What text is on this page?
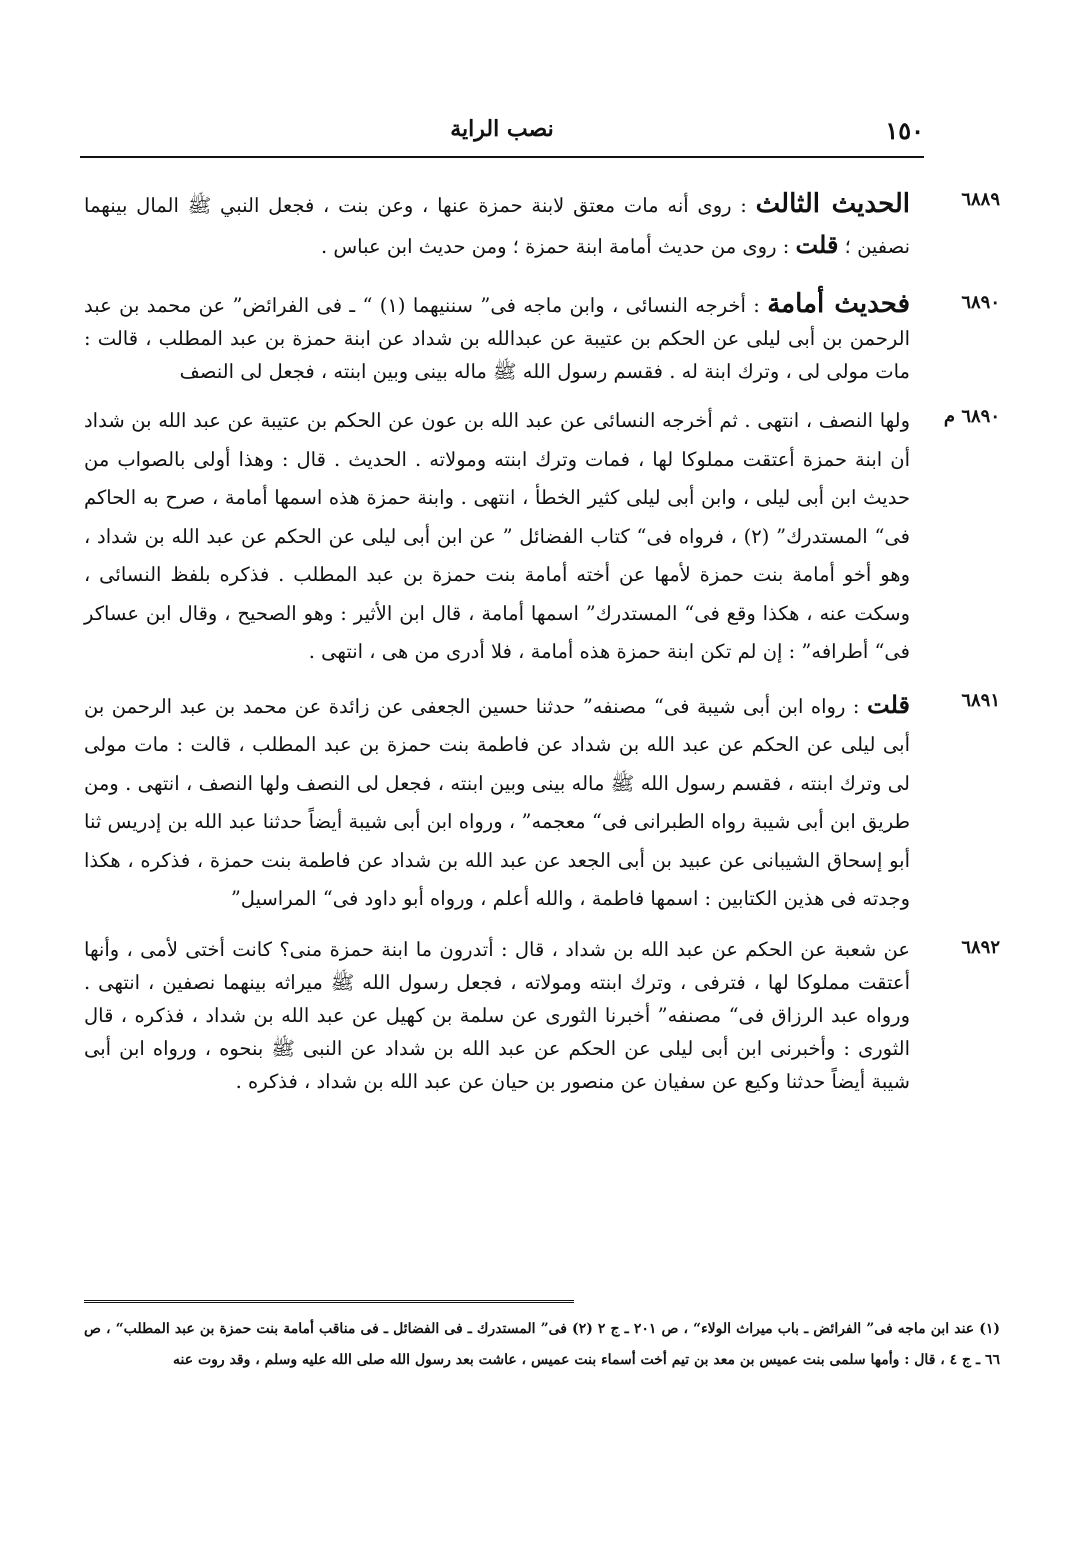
نصب الراية	١٥٠
٦٨٨٩
الحديث الثالث : روى أنه مات معتق لابنة حمزة عنها ، وعن بنت ، فجعل النبي ﷺ المال بينهما نصفين ؛ قلت : روى من حديث أمامة ابنة حمزة ؛ ومن حديث ابن عباس .
٦٨٩٠
فحديث أمامة : أخرجه النسائى ، وابن ماجه فى” سننيهما (١) “ ـ فى الفرائض” عن محمد بن عبد الرحمن بن أبى ليلى عن الحكم بن عتيبة عن عبدالله بن شداد عن ابنة حمزة بن عبد المطلب ، قالت : مات مولى لى ، وترك ابنة له . فقسم رسول الله ﷺ ماله بينى وبين ابنته ، فجعل لى النصف
٦٨٩٠ م
ولها النصف ، انتهى . ثم أخرجه النسائى عن عبد الله بن عون عن الحكم بن عتيبة عن عبد الله بن شداد أن ابنة حمزة أعتقت مملوكا لها ، فمات وترك ابنته ومولاته . الحديث . قال : وهذا أولى بالصواب من حديث ابن أبى ليلى ، وابن أبى ليلى كثير الخطأ ، انتهى . وابنة حمزة هذه اسمها أمامة ، صرح به الحاكم فى“ المستدرك” (٢) ، فرواه فى“ كتاب الفضائل ” عن ابن أبى ليلى عن الحكم عن عبد الله بن شداد ، وهو أخو أمامة بنت حمزة لأمها عن أخته أمامة بنت حمزة بن عبد المطلب . فذكره بلفظ النسائى ، وسكت عنه ، هكذا وقع فى“ المستدرك” اسمها أمامة ، قال ابن الأثير : وهو الصحيح ، وقال ابن عساكر فى“ أطرافه” : إن لم تكن ابنة حمزة هذه أمامة ، فلا أدرى من هى ، انتهى .
٦٨٩١
قلت : رواه ابن أبى شيبة فى“ مصنفه” حدثنا حسين الجعفى عن زائدة عن محمد بن عبد الرحمن بن أبى ليلى عن الحكم عن عبد الله بن شداد عن فاطمة بنت حمزة بن عبد المطلب ، قالت : مات مولى لى وترك ابنته ، فقسم رسول الله ﷺ ماله بينى وبين ابنته ، فجعل لى النصف ولها النصف ، انتهى . ومن طريق ابن أبى شيبة رواه الطبرانى فى“ معجمه” ، ورواه ابن أبى شيبة أيضاً حدثنا عبد الله بن إدريس ثنا أبو إسحاق الشيبانى عن عبيد بن أبى الجعد عن عبد الله بن شداد عن فاطمة بنت حمزة ، فذكره ، هكذا وجدته فى هذين الكتابين : اسمها فاطمة ، والله أعلم ، ورواه أبو داود فى“ المراسيل”
٦٨٩٢
عن شعبة عن الحكم عن عبد الله بن شداد ، قال : أتدرون ما ابنة حمزة منى؟ كانت أختى لأمى ، وأنها أعتقت مملوكا لها ، فترفى ، وترك ابنته ومولاته ، فجعل رسول الله ﷺ ميراثه بينهما نصفين ، انتهى . ورواه عبد الرزاق فى“ مصنفه” أخبرنا الثورى عن سلمة بن كهيل عن عبد الله بن شداد ، فذكره ، قال الثورى : وأخبرنى ابن أبى ليلى عن الحكم عن عبد الله بن شداد عن النبى ﷺ بنحوه ، ورواه ابن أبى شيبة أيضاً حدثنا وكيع عن سفيان عن منصور بن حيان عن عبد الله بن شداد ، فذكره .
(١) عند ابن ماجه فى” الفرائض ـ باب ميراث الولاء“ ، ص ٢٠١ ـ ج ٢ (٢) فى” المستدرك ـ فى الفضائل ـ فى مناقب أمامة بنت حمزة بن عبد المطلب“ ، ص ٦٦ ـ ج ٤ ، قال : وأمها سلمى بنت عميس بن معد بن تيم أخت أسماء بنت عميس ، عاشت بعد رسول الله صلى الله عليه وسلم ، وقد روت عنه
